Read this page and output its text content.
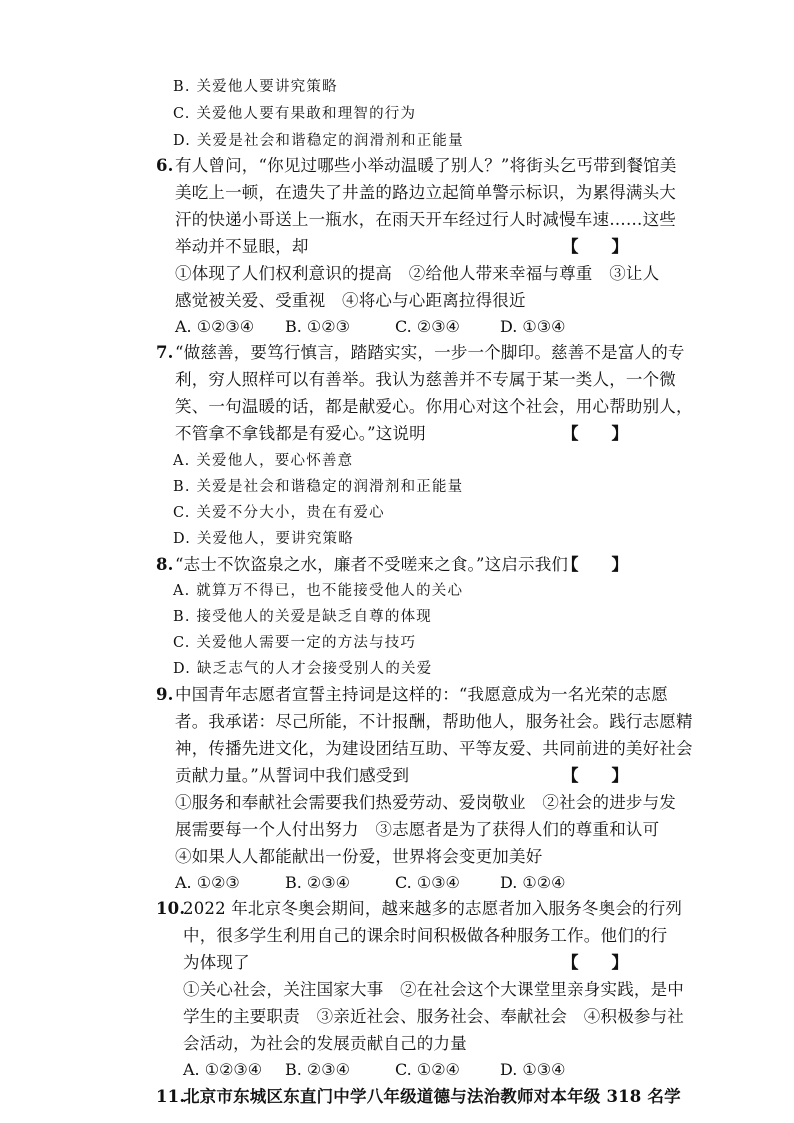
B. 关爱他人要讲究策略
C. 关爱他人要有果敢和理智的行为
D. 关爱是社会和谐稳定的润滑剂和正能量
6. 有人曾问，“你见过哪些小举动温暖了别人？”将街头乞丐带到餐馆美
美吃上一顿，在遗失了井盖的路边立起简单警示标识，为累得满头大
汗的快递小哥送上一瓶水，在雨天开车经过行人时减慢车速……这些
举动并不显眼，却	【　　】
①体现了人们权利意识的提高　②给他人带来幸福与尊重　③让人
感觉被关爱、受重视　④将心与心距离拉得很近
A. ①②③④ B. ①②③	C. ②③④	D. ①③④
7. “做慈善，要笃行慎言，踏踏实实，一步一个脚印。慈善不是富人的专
利，穷人照样可以有善举。我认为慈善并不专属于某一类人，一个微
笑、一句温暖的话，都是献爱心。你用心对这个社会，用心帮助别人，
不管拿不拿钱都是有爱心。”这说明	【　　】
A. 关爱他人，要心怀善意
B. 关爱是社会和谐稳定的润滑剂和正能量
C. 关爱不分大小，贵在有爱心
D. 关爱他人，要讲究策略
8. “志士不饮盗泉之水，廉者不受嗟来之食。”这启示我们
【　　】
A. 就算万不得已，也不能接受他人的关心
B. 接受他人的关爱是缺乏自尊的体现
C. 关爱他人需要一定的方法与技巧
D. 缺乏志气的人才会接受别人的关爱
9. 中国青年志愿者宣誓主持词是这样的：“我愿意成为一名光荣的志愿
者。我承诺：尽己所能，不计报酬，帮助他人，服务社会。践行志愿精
神，传播先进文化，为建设团结互助、平等友爱、共同前进的美好社会
贡献力量。”从誓词中我们感受到	【　　】
①服务和奉献社会需要我们热爱劳动、爱岗敬业　②社会的进步与发
展需要每一个人付出努力　③志愿者是为了获得人们的尊重和认可
④如果人人都能献出一份爱，世界将会变更加美好
A. ①②③	B. ②③④	C. ①③④	D. ①②④
10.
2022 年北京冬奥会期间，越来越多的志愿者加入服务冬奥会的行列
中，很多学生利用自己的课余时间积极做各种服务工作。他们的行
为体现了	【　　】
①关心社会，关注国家大事　②在社会这个大课堂里亲身实践，是中
学生的主要职责　③亲近社会、服务社会、奉献社会　④积极参与社
会活动，为社会的发展贡献自己的力量
A. ①②③④ B. ②③④	C. ①②④	D. ①③④
11.
北京市东城区东直门中学八年级道德与法治教师对本年级 318 名学
